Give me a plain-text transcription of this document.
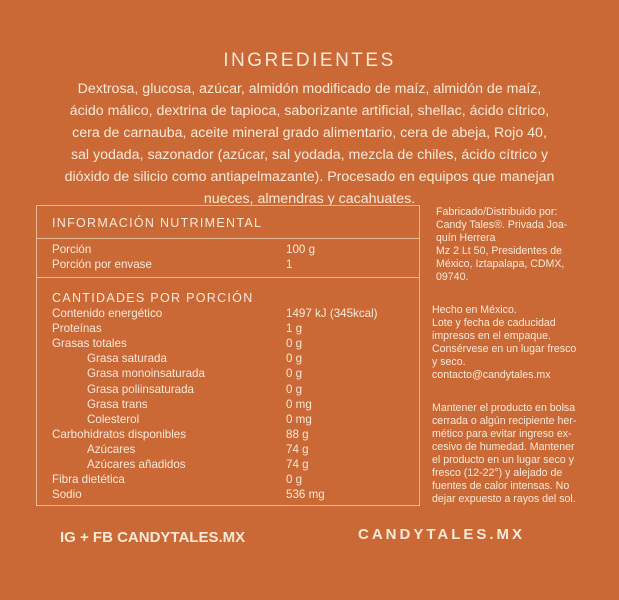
INGREDIENTES
Dextrosa, glucosa, azúcar, almidón modificado de maíz, almidón de maíz,
ácido málico, dextrina de tapioca, saborizante artificial, shellac, ácido cítrico,
cera de carnauba, aceite mineral grado alimentario, cera de abeja, Rojo 40,
sal yodada, sazonador (azúcar, sal yodada, mezcla de chiles, ácido cítrico y
dióxido de silicio como antiapelmazante). Procesado en equipos que manejan
nueces, almendras y cacahuates.
INFORMACIÓN NUTRIMENTAL
Porción	100 g
Porción por envase	1
CANTIDADES POR PORCIÓN
Contenido energético	1497 kJ (345kcal)
Proteínas	1 g
Grasas totales	0 g
Grasa saturada	0 g
Grasa monoinsaturada	0 g
Grasa poliinsaturada	0 g
Grasa trans	0 mg
Colesterol	0 mg
Carbohidratos disponibles	88 g
Azúcares	74 g
Azúcares añadidos	74 g
Fibra dietética	0 g
Sodio	536 mg
Fabricado/Distribuido por:
Candy Tales®. Privada Joa-
quín Herrera
Mz 2 Lt 50, Presidentes de
México, Iztapalapa, CDMX,
09740.
Hecho en México.
Lote y fecha de caducidad
impresos en el empaque.
Consérvese en un lugar fresco
y seco.
contacto@candytales.mx
Mantener el producto en bolsa
cerrada o algún recipiente her-
mético para evitar ingreso ex-
cesivo de humedad. Mantener
el producto en un lugar seco y
fresco (12-22°) y alejado de
fuentes de calor intensas. No
dejar expuesto a rayos del sol.
IG + FB CANDYTALES.MX	CANDYTALES.MX
